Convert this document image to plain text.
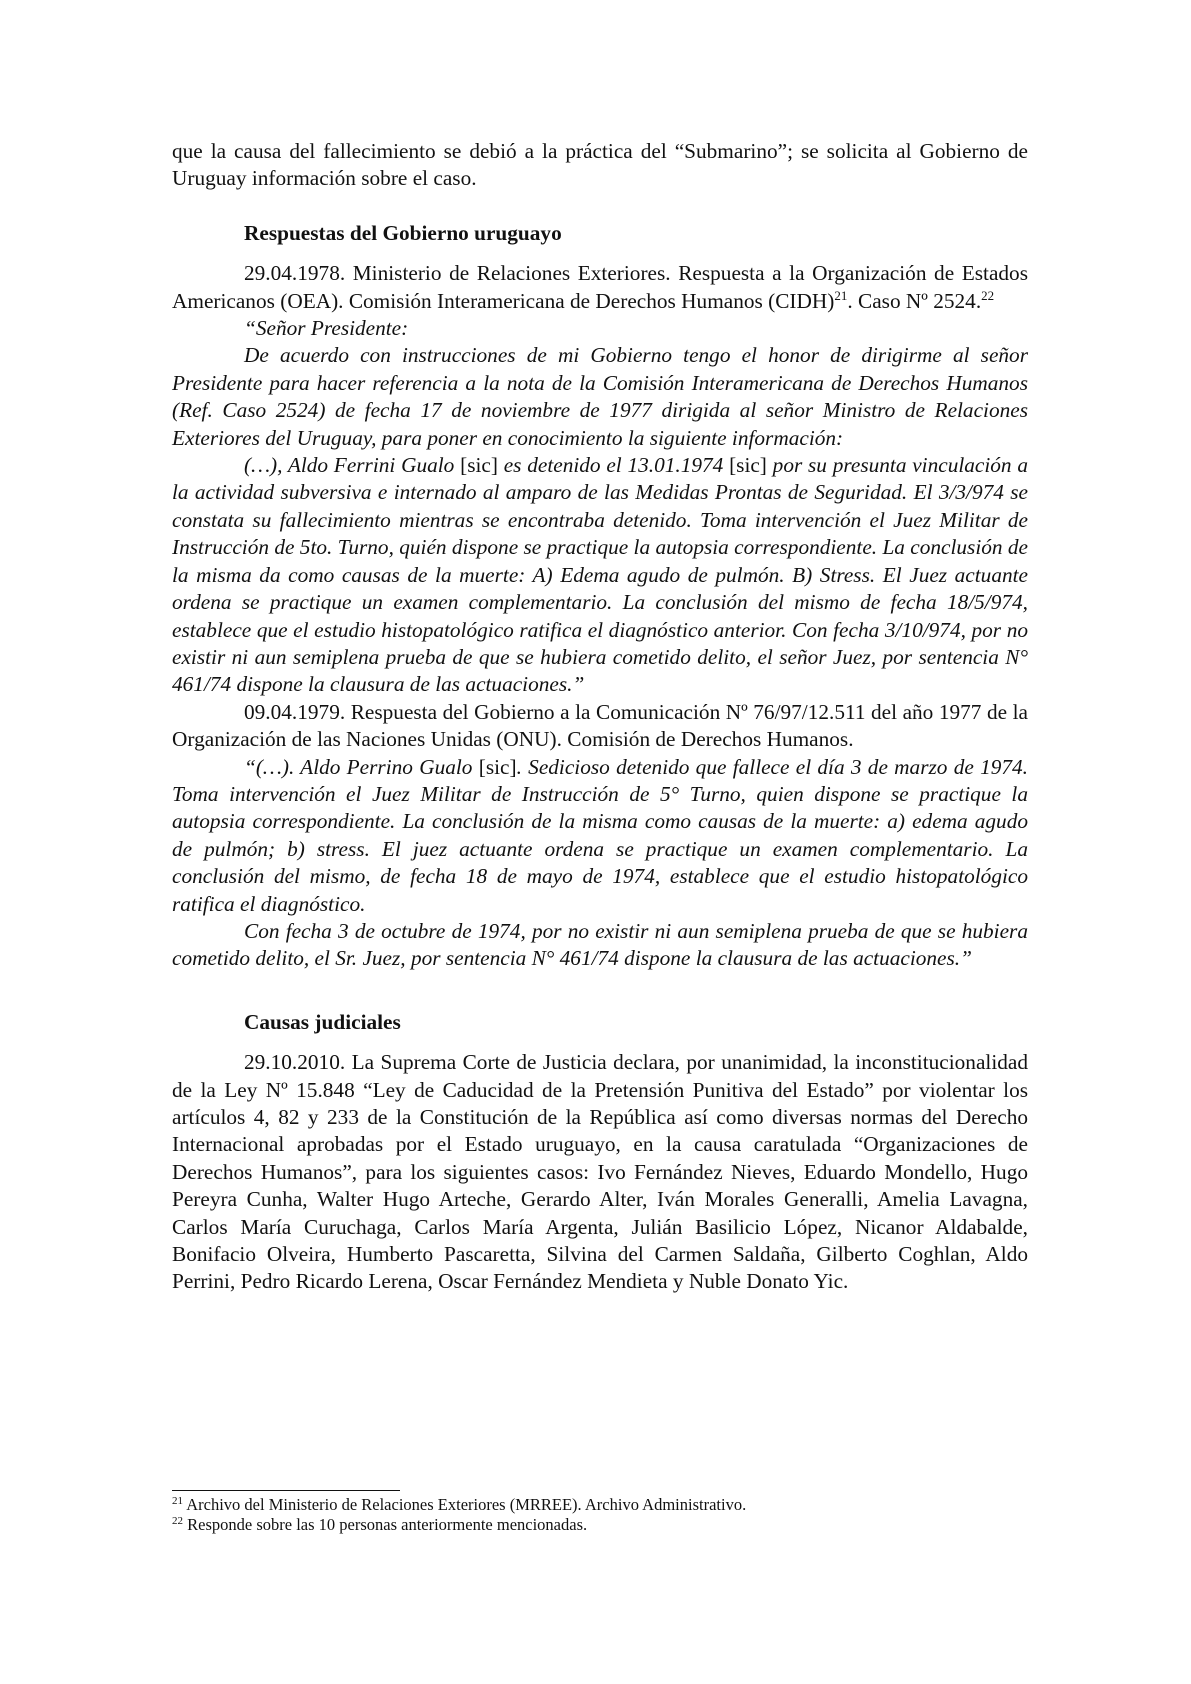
que la causa del fallecimiento se debió a la práctica del “Submarino”; se solicita al Gobierno de Uruguay información sobre el caso.

Respuestas del Gobierno uruguayo

29.04.1978. Ministerio de Relaciones Exteriores. Respuesta a la Organización de Estados Americanos (OEA). Comisión Interamericana de Derechos Humanos (CIDH)$^{21}$. Caso Nº 2524.22

“Señor Presidente:

De acuerdo con instrucciones de mi Gobierno tengo el honor de dirigirme al señor Presidente para hacer referencia a la nota de la Comisión Interamericana de Derechos Humanos (Ref. Caso 2524) de fecha 17 de noviembre de 1977 dirigida al señor Ministro de Relaciones Exteriores del Uruguay, para poner en conocimiento la siguiente información:

(…), Aldo Ferrini Gualo [sic] es detenido el 13.01.1974 [sic] por su presunta vinculación a la actividad subversiva e internado al amparo de las Medidas Prontas de Seguridad. El 3/3/974 se constata su fallecimiento mientras se encontraba detenido. Toma intervención el Juez Militar de Instrucción de 5to. Turno, quién dispone se practique la autopsia correspondiente. La conclusión de la misma da como causas de la muerte: A) Edema agudo de pulmón. B) Stress. El Juez actuante ordena se practique un examen complementario. La conclusión del mismo de fecha 18/5/974, establece que el estudio histopatológico ratifica el diagnóstico anterior. Con fecha 3/10/974, por no existir ni aun semiplena prueba de que se hubiera cometido delito, el señor Juez, por sentencia N° 461/74 dispone la clausura de las actuaciones.”

09.04.1979. Respuesta del Gobierno a la Comunicación Nº 76/97/12.511 del año 1977 de la Organización de las Naciones Unidas (ONU). Comisión de Derechos Humanos.

“(…). Aldo Perrino Gualo [sic]. Sedicioso detenido que fallece el día 3 de marzo de 1974. Toma intervención el Juez Militar de Instrucción de 5° Turno, quien dispone se practique la autopsia correspondiente. La conclusión de la misma como causas de la muerte: a) edema agudo de pulmón; b) stress. El juez actuante ordena se practique un examen complementario. La conclusión del mismo, de fecha 18 de mayo de 1974, establece que el estudio histopatológico ratifica el diagnóstico.

Con fecha 3 de octubre de 1974, por no existir ni aun semiplena prueba de que se hubiera cometido delito, el Sr. Juez, por sentencia N° 461/74 dispone la clausura de las actuaciones.”

Causas judiciales

29.10.2010. La Suprema Corte de Justicia declara, por unanimidad, la inconstitucionalidad de la Ley Nº 15.848 “Ley de Caducidad de la Pretensión Punitiva del Estado” por violentar los artículos 4, 82 y 233 de la Constitución de la República así como diversas normas del Derecho Internacional aprobadas por el Estado uruguayo, en la causa caratulada “Organizaciones de Derechos Humanos”, para los siguientes casos: Ivo Fernández Nieves, Eduardo Mondello, Hugo Pereyra Cunha, Walter Hugo Arteche, Gerardo Alter, Iván Morales Generalli, Amelia Lavagna, Carlos María Curuchaga, Carlos María Argenta, Julián Basilicio López, Nicanor Aldabalde, Bonifacio Olveira, Humberto Pascaretta, Silvina del Carmen Saldaña, Gilberto Coghlan, Aldo Perrini, Pedro Ricardo Lerena, Oscar Fernández Mendieta y Nuble Donato Yic.

$^{21}$ Archivo del Ministerio de Relaciones Exteriores (MRREE). Archivo Administrativo.
$^{22}$ Responde sobre las 10 personas anteriormente mencionadas.
